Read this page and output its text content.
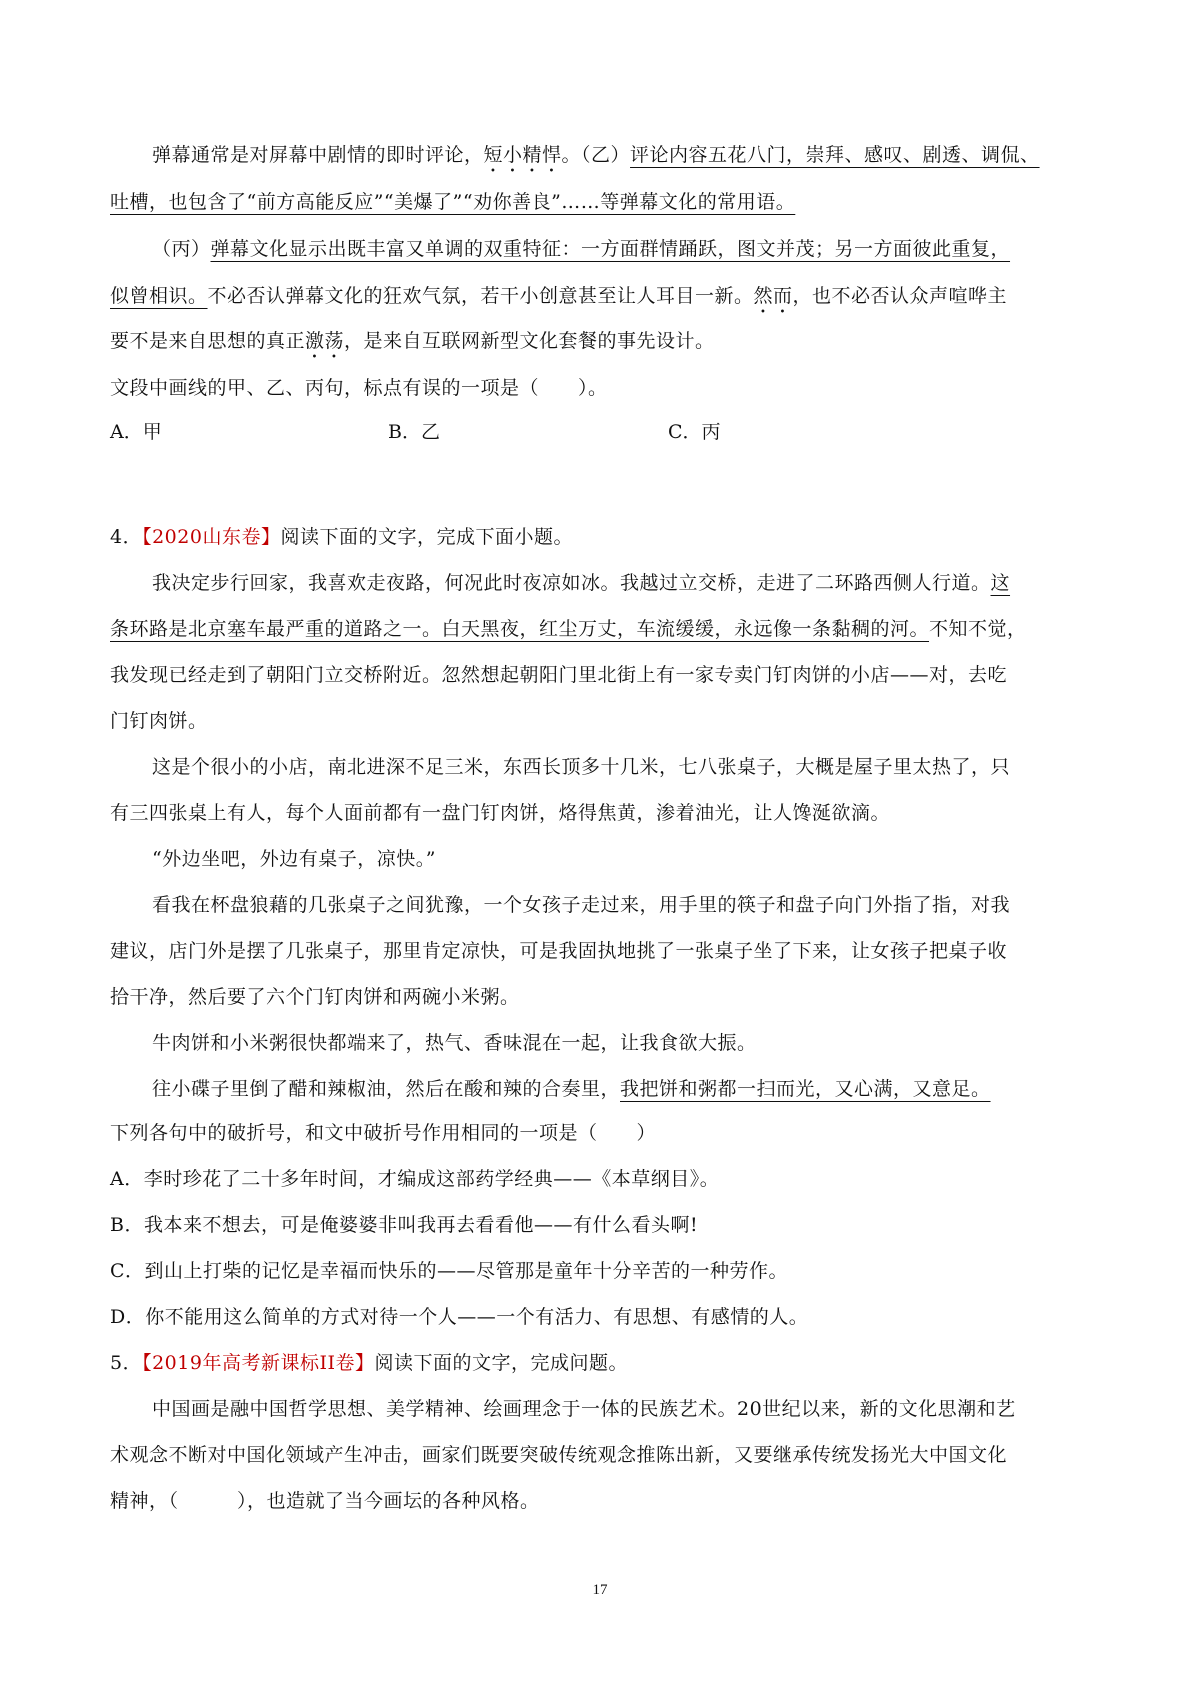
弹幕通常是对屏幕中剧情的即时评论，短小精悍。（乙）评论内容五花八门，崇拜、感叹、剧透、调侃、
吐槽，也包含了“前方高能反应”“美爆了”“劝你善良”……等弹幕文化的常用语。
（丙）弹幕文化显示出既丰富又单调的双重特征：一方面群情踊跃，图文并茂；另一方面彼此重复，
似曾相识。不必否认弹幕文化的狂欢气氛，若干小创意甚至让人耳目一新。然而，也不必否认众声喧哗主
要不是来自思想的真正激荡，是来自互联网新型文化套餐的事先设计。
文段中画线的甲、乙、丙句，标点有误的一项是（　　）。
A．甲	B．乙	C．丙
4．【2020山东卷】阅读下面的文字，完成下面小题。
我决定步行回家，我喜欢走夜路，何况此时夜凉如冰。我越过立交桥，走进了二环路西侧人行道。这
条环路是北京塞车最严重的道路之一。白天黑夜，红尘万丈，车流缓缓，永远像一条黏稠的河。不知不觉，
我发现已经走到了朝阳门立交桥附近。忽然想起朝阳门里北街上有一家专卖门钉肉饼的小店——对，去吃
门钉肉饼。
这是个很小的小店，南北进深不足三米，东西长顶多十几米，七八张桌子，大概是屋子里太热了，只
有三四张桌上有人，每个人面前都有一盘门钉肉饼，烙得焦黄，渗着油光，让人馋涎欲滴。
“外边坐吧，外边有桌子，凉快。”
看我在杯盘狼藉的几张桌子之间犹豫，一个女孩子走过来，用手里的筷子和盘子向门外指了指，对我
建议，店门外是摆了几张桌子，那里肯定凉快，可是我固执地挑了一张桌子坐了下来，让女孩子把桌子收
拾干净，然后要了六个门钉肉饼和两碗小米粥。
牛肉饼和小米粥很快都端来了，热气、香味混在一起，让我食欲大振。
往小碟子里倒了醋和辣椒油，然后在酸和辣的合奏里，我把饼和粥都一扫而光，又心满，又意足。
下列各句中的破折号，和文中破折号作用相同的一项是（　　）
A．李时珍花了二十多年时间，才编成这部药学经典——《本草纲目》。
B．我本来不想去，可是俺婆婆非叫我再去看看他——有什么看头啊!
C．到山上打柴的记忆是幸福而快乐的——尽管那是童年十分辛苦的一种劳作。
D．你不能用这么简单的方式对待一个人——一个有活力、有思想、有感情的人。
5．【2019年高考新课标II卷】阅读下面的文字，完成问题。
中国画是融中国哲学思想、美学精神、绘画理念于一体的民族艺术。20世纪以来，新的文化思潮和艺
术观念不断对中国化领域产生冲击，画家们既要突破传统观念推陈出新，又要继承传统发扬光大中国文化
精神，（　　　），也造就了当今画坛的各种风格。
17
